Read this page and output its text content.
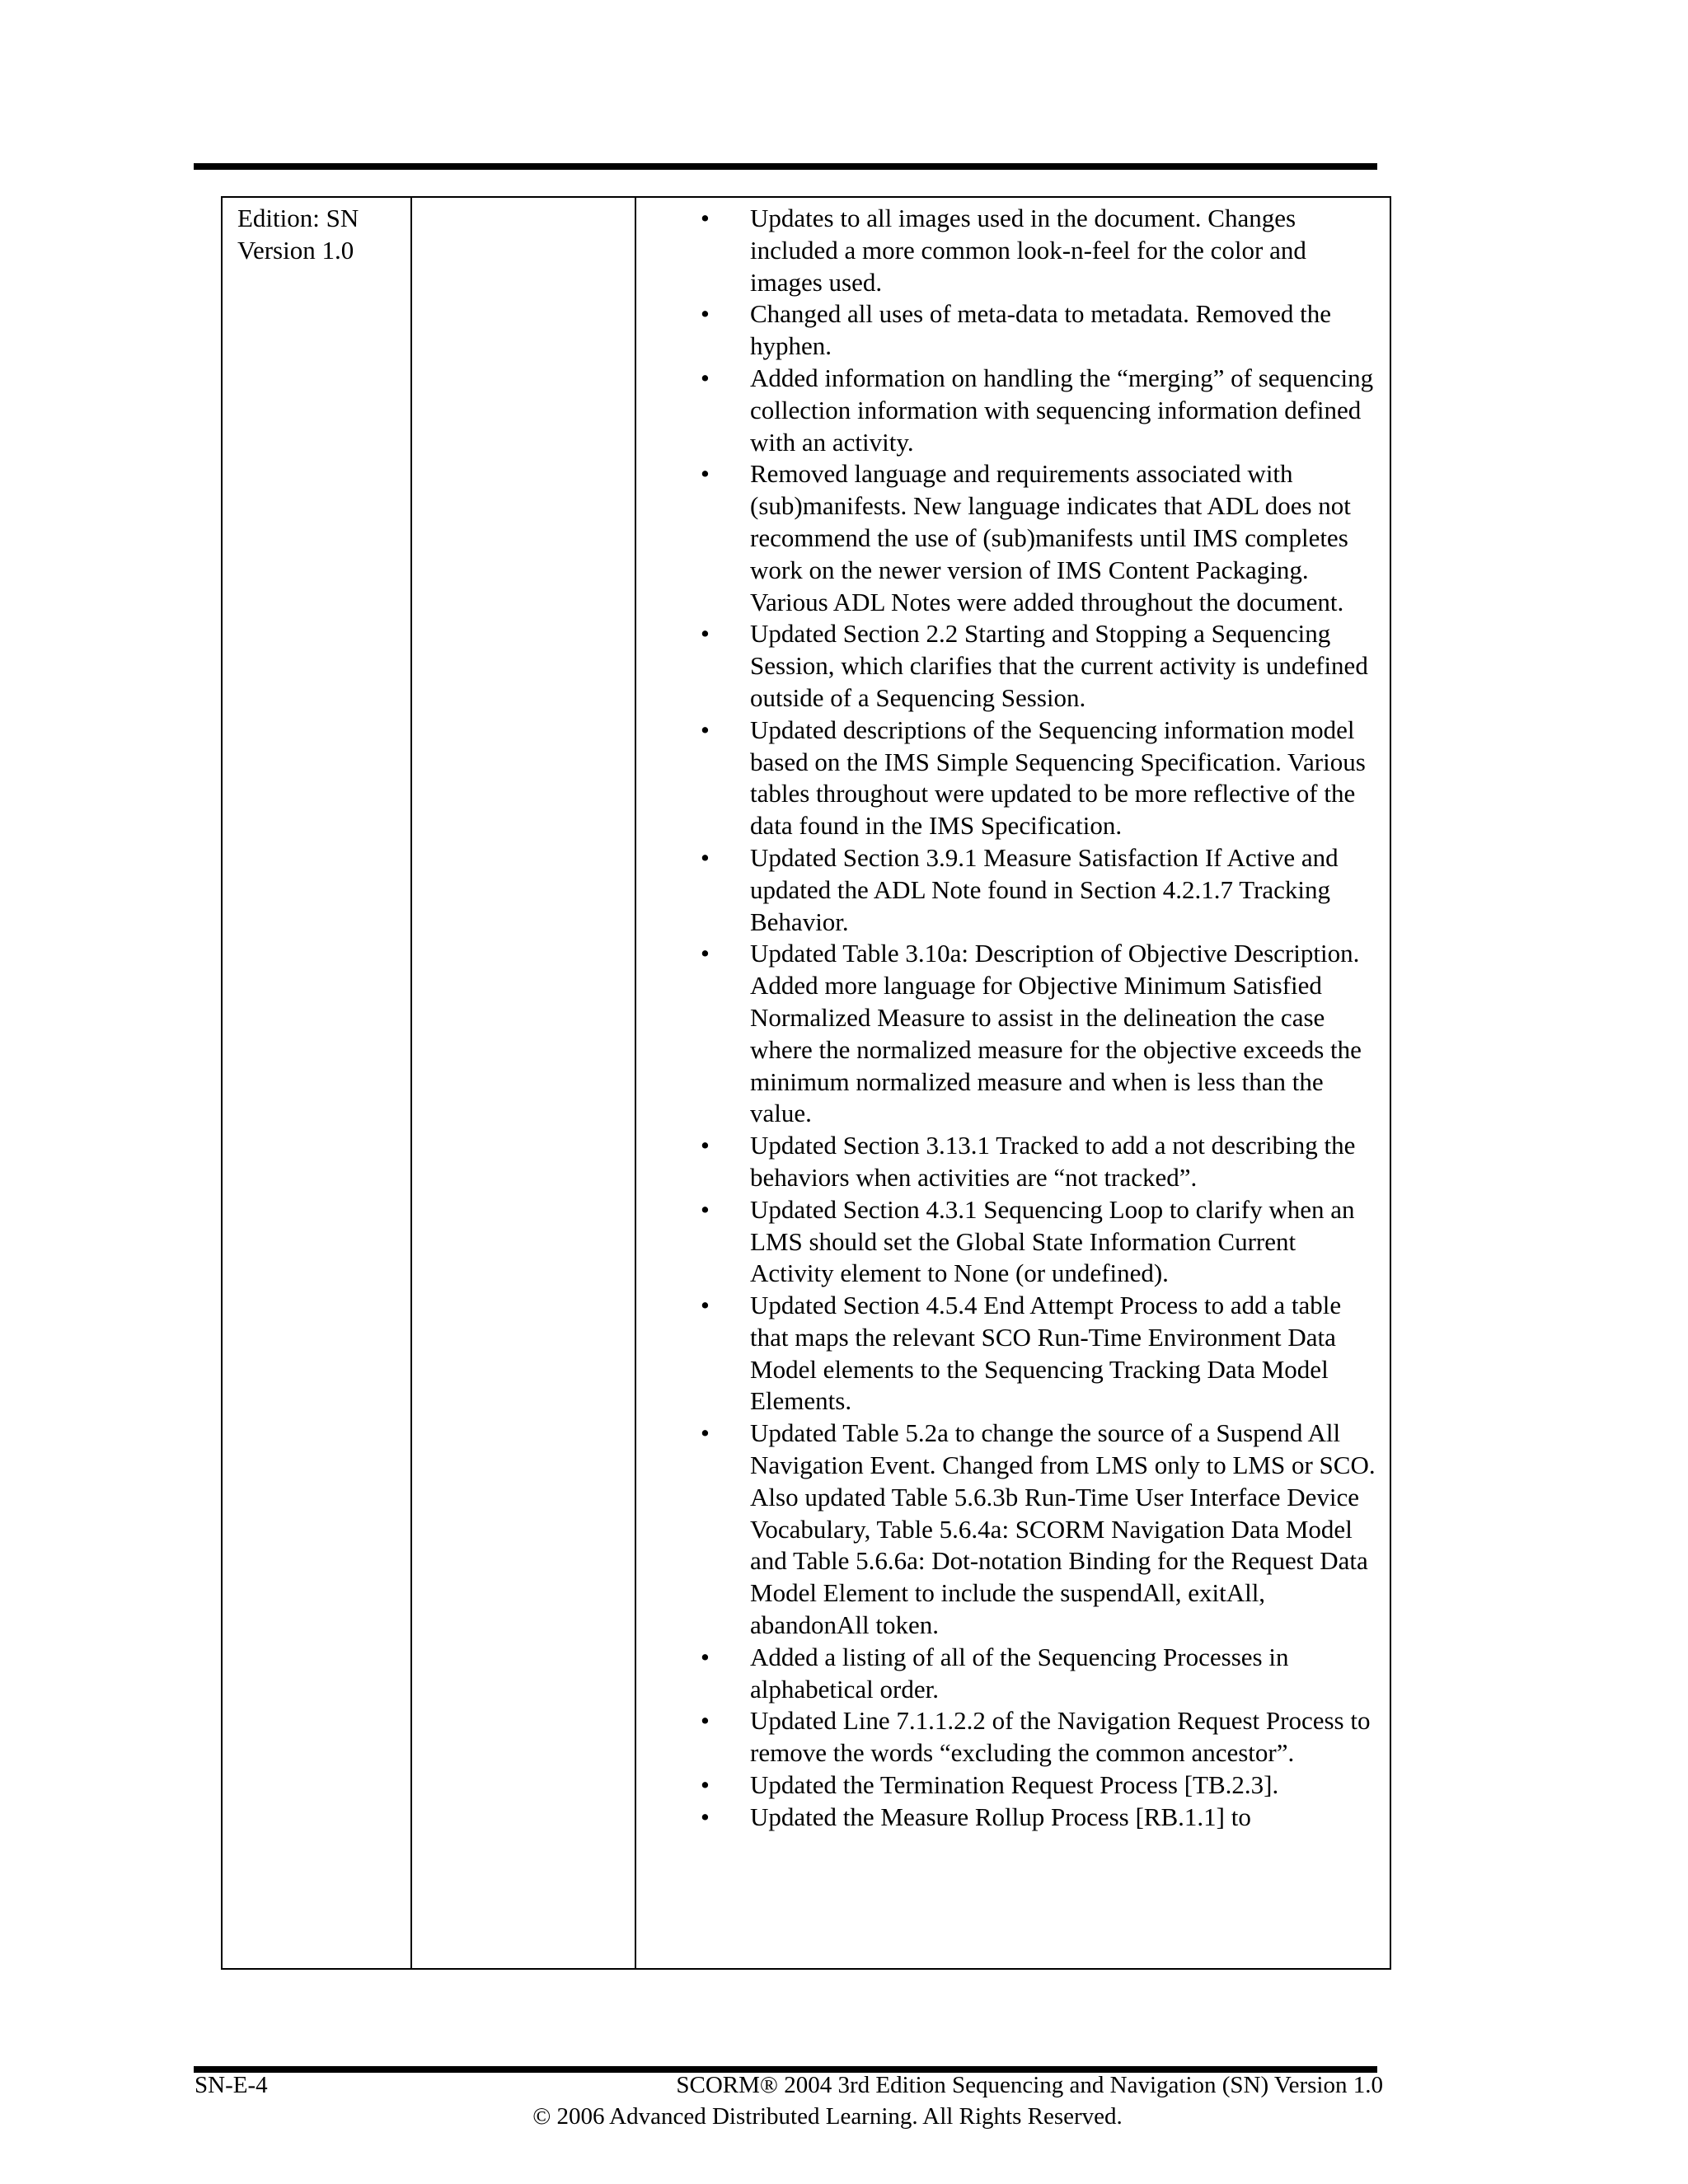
Edition: SN
Version 1.0

• Updates to all images used in the document. Changes included a more common look-n-feel for the color and images used.
• Changed all uses of meta-data to metadata. Removed the hyphen.
• Added information on handling the “merging” of sequencing collection information with sequencing information defined with an activity.
• Removed language and requirements associated with (sub)manifests. New language indicates that ADL does not recommend the use of (sub)manifests until IMS completes work on the newer version of IMS Content Packaging. Various ADL Notes were added throughout the document.
• Updated Section 2.2 Starting and Stopping a Sequencing Session, which clarifies that the current activity is undefined outside of a Sequencing Session.
• Updated descriptions of the Sequencing information model based on the IMS Simple Sequencing Specification. Various tables throughout were updated to be more reflective of the data found in the IMS Specification.
• Updated Section 3.9.1 Measure Satisfaction If Active and updated the ADL Note found in Section 4.2.1.7 Tracking Behavior.
• Updated Table 3.10a: Description of Objective Description. Added more language for Objective Minimum Satisfied Normalized Measure to assist in the delineation the case where the normalized measure for the objective exceeds the minimum normalized measure and when is less than the value.
• Updated Section 3.13.1 Tracked to add a not describing the behaviors when activities are “not tracked”.
• Updated Section 4.3.1 Sequencing Loop to clarify when an LMS should set the Global State Information Current Activity element to None (or undefined).
• Updated Section 4.5.4 End Attempt Process to add a table that maps the relevant SCO Run-Time Environment Data Model elements to the Sequencing Tracking Data Model Elements.
• Updated Table 5.2a to change the source of a Suspend All Navigation Event. Changed from LMS only to LMS or SCO. Also updated Table 5.6.3b Run-Time User Interface Device Vocabulary, Table 5.6.4a: SCORM Navigation Data Model and Table 5.6.6a: Dot-notation Binding for the Request Data Model Element to include the suspendAll, exitAll, abandonAll token.
• Added a listing of all of the Sequencing Processes in alphabetical order.
• Updated Line 7.1.1.2.2 of the Navigation Request Process to remove the words “excluding the common ancestor”.
• Updated the Termination Request Process [TB.2.3].
• Updated the Measure Rollup Process [RB.1.1] to
SN-E-4	SCORM® 2004 3rd Edition Sequencing and Navigation (SN) Version 1.0
© 2006 Advanced Distributed Learning. All Rights Reserved.
